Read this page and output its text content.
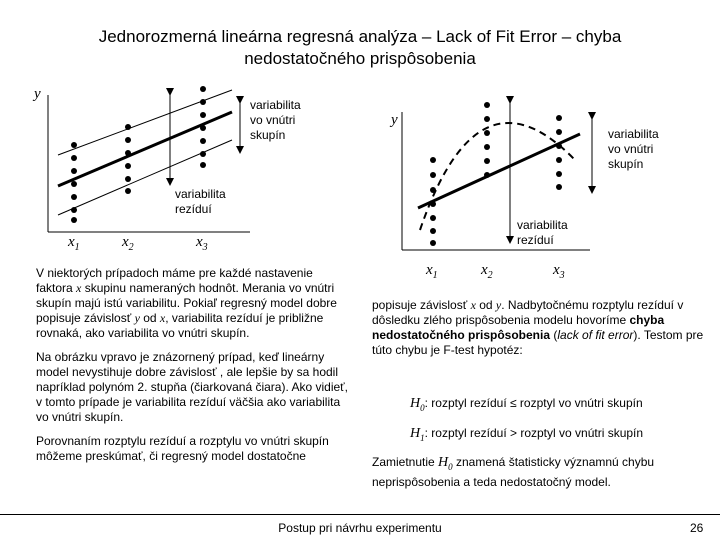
Jednorozmerná lineárna regresná analýza – Lack of Fit Error – chyba
nedostatočného prispôsobenia
y
variabilita
vo vnútri
skupín
variabilita
rezíduí
$x_1$	$x_2$	$x_3$
y
variabilita
vo vnútri
skupín
variabilita
rezíduí
$x_1$	$x_2$	$x_3$

V niektorých prípadoch máme pre každé nastavenie faktora x skupinu nameraných hodnôt. Merania vo vnútri skupín majú istú variabilitu. Pokiaľ regresný model dobre popisuje závislosť y od x, variabilita rezíduí je približne rovnaká, ako variabilita vo vnútri skupín.

Na obrázku vpravo je znázornený prípad, keď lineárny model nevystihuje dobre závislosť , ale lepšie by sa hodil napríklad polynóm 2. stupňa (čiarkovaná čiara). Ako vidieť, v tomto prípade je variabilita rezíduí väčšia ako variabilita vo vnútri skupín.

Porovnaním rozptylu rezíduí a rozptylu vo vnútri skupín môžeme preskúmať, či regresný model dostatočne

popisuje závislosť x od y. Nadbytočnému rozptylu rezíduí v dôsledku zlého prispôsobenia modelu hovoríme chyba nedostatočného prispôsobenia (lack of fit error). Testom pre túto chybu je F-test hypotéz:

$H_0$: rozptyl rezíduí ≤ rozptyl vo vnútri skupín
$H_1$: rozptyl rezíduí > rozptyl vo vnútri skupín
Zamietnutie $H_0$ znamená štatisticky významnú chybu neprispôsobenia a teda nedostatočný model.
Postup pri návrhu experimentu	26
